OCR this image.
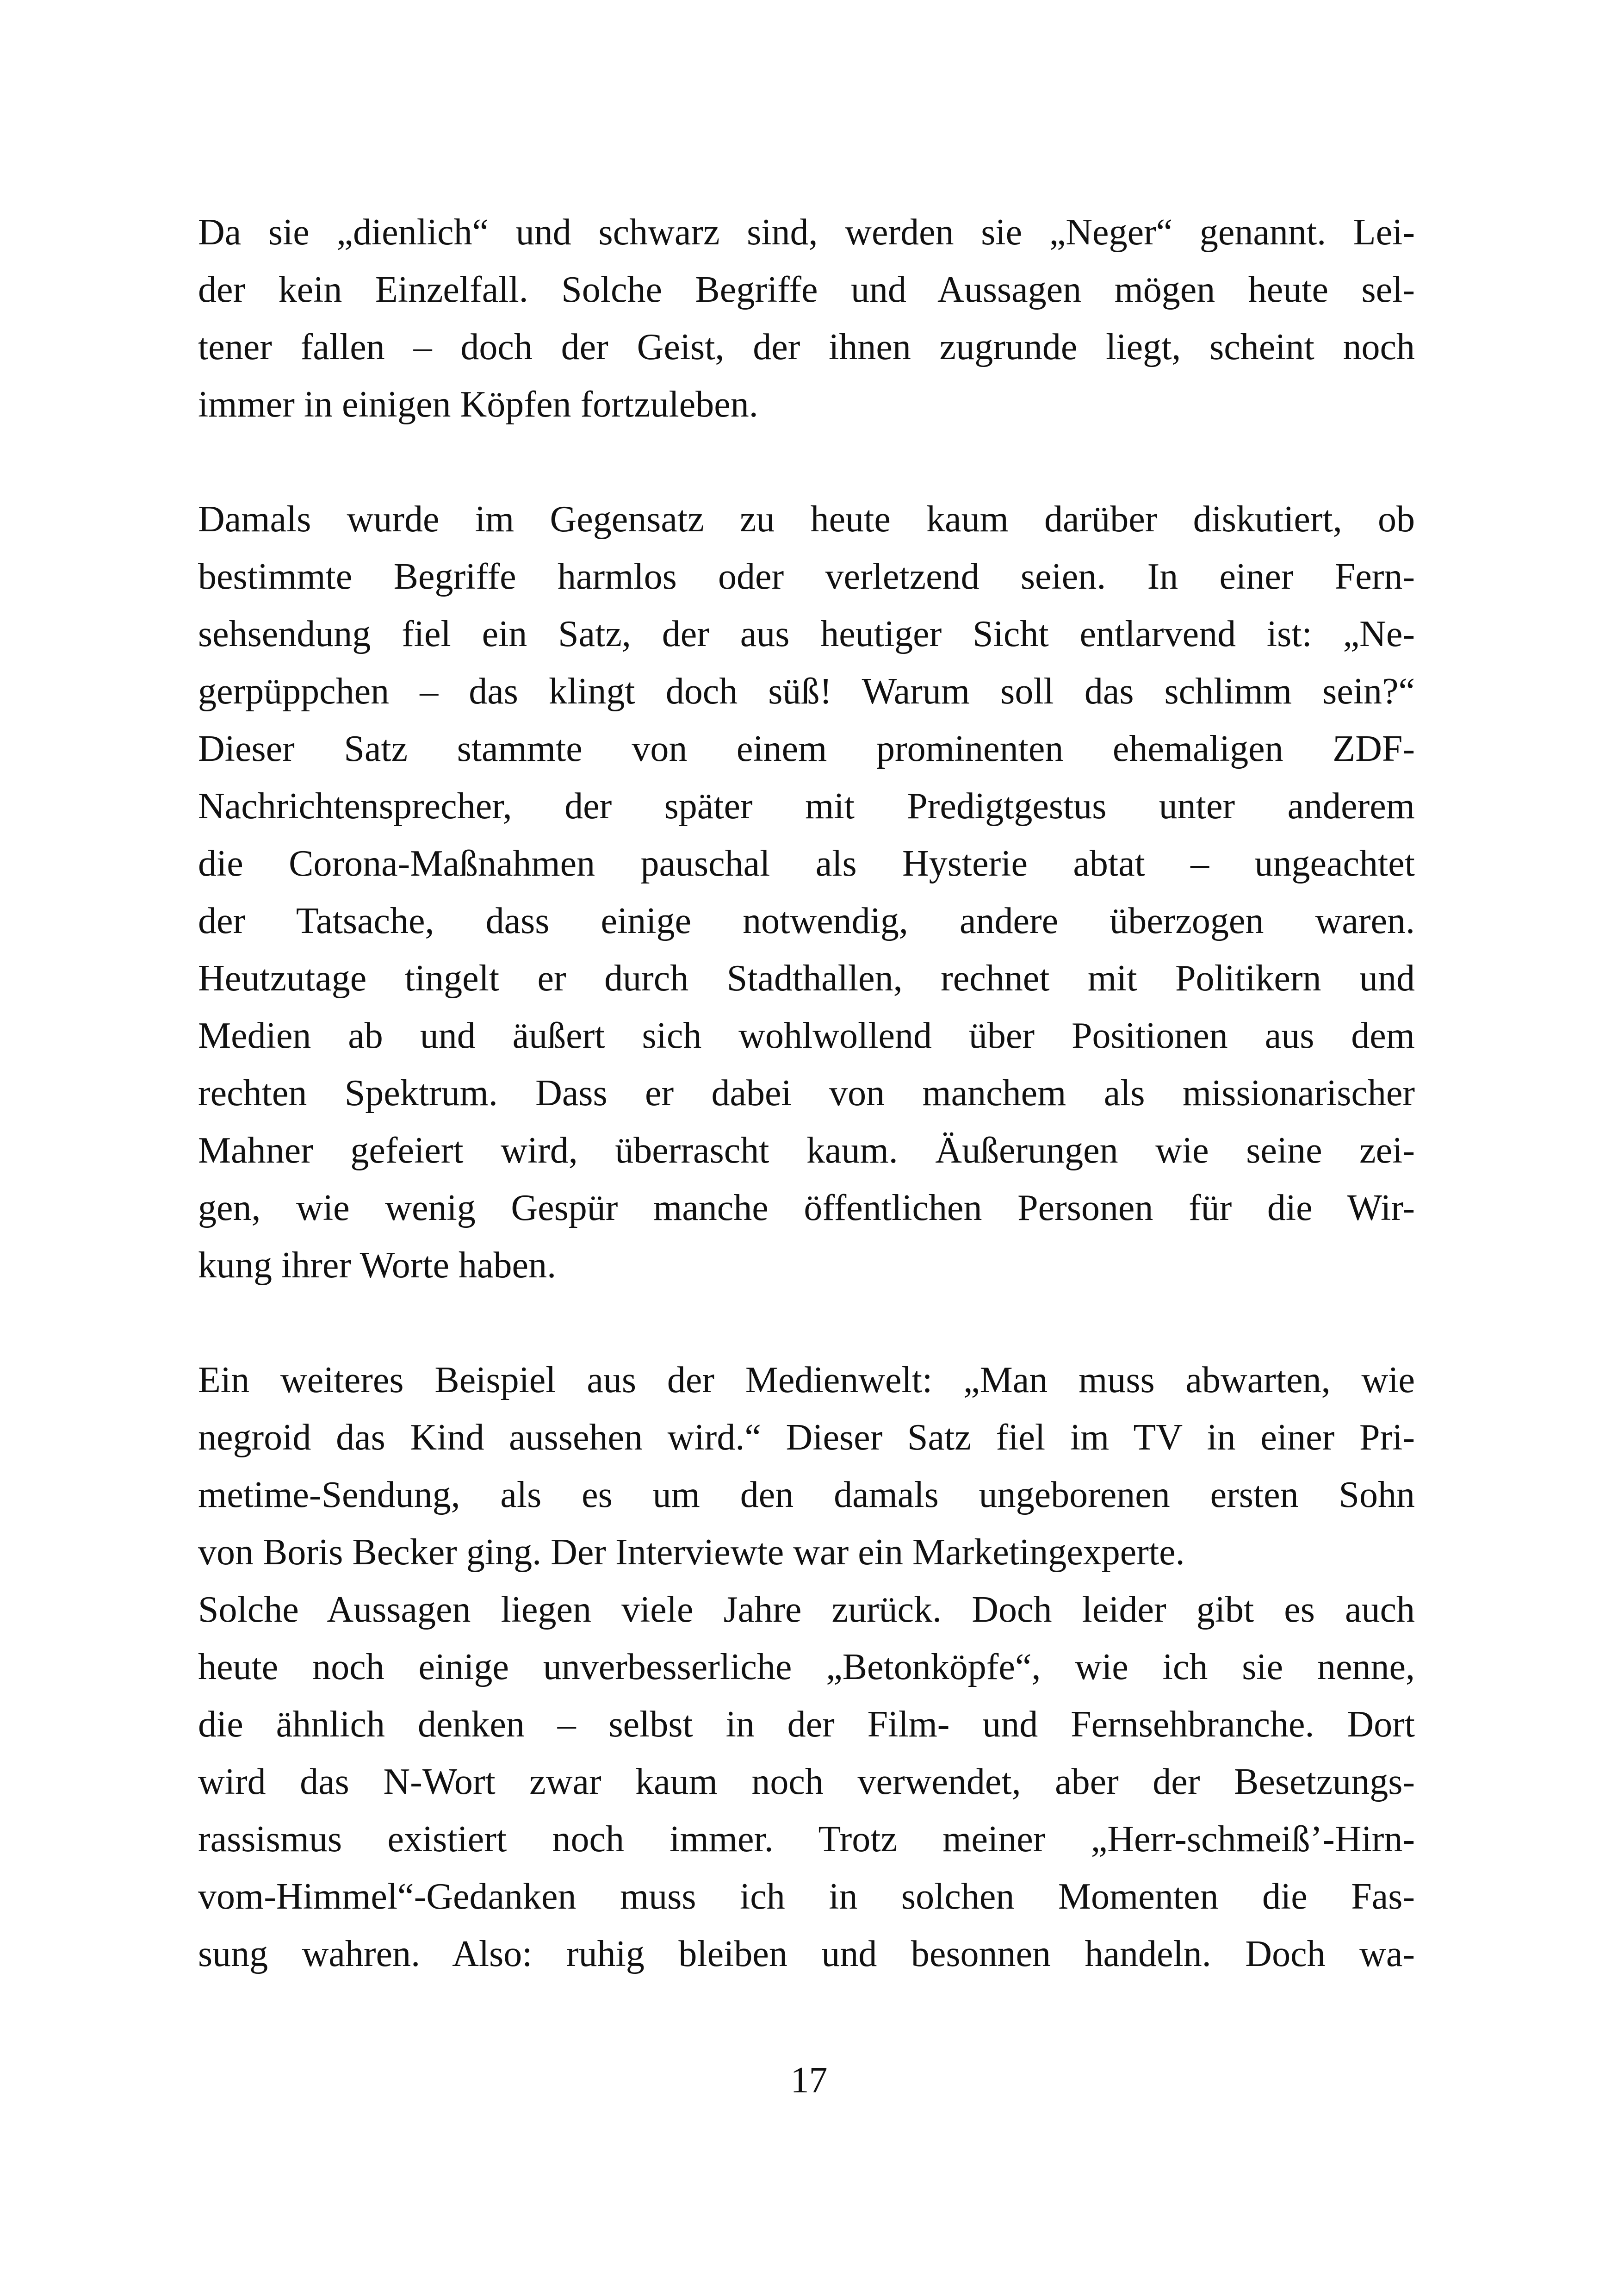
Da sie „dienlich“ und schwarz sind, werden sie „Neger“ genannt. Lei-
der kein Einzelfall. Solche Begriffe und Aussagen mögen heute sel-
tener fallen – doch der Geist, der ihnen zugrunde liegt, scheint noch
immer in einigen Köpfen fortzuleben.
Damals wurde im Gegensatz zu heute kaum darüber diskutiert, ob
bestimmte Begriffe harmlos oder verletzend seien. In einer Fern-
sehsendung fiel ein Satz, der aus heutiger Sicht entlarvend ist: „Ne-
gerpüppchen – das klingt doch süß! Warum soll das schlimm sein?“
Dieser Satz stammte von einem prominenten ehemaligen ZDF-
Nachrichtensprecher, der später mit Predigtgestus unter anderem
die Corona-Maßnahmen pauschal als Hysterie abtat – ungeachtet
der Tatsache, dass einige notwendig, andere überzogen waren.
Heutzutage tingelt er durch Stadthallen, rechnet mit Politikern und
Medien ab und äußert sich wohlwollend über Positionen aus dem
rechten Spektrum. Dass er dabei von manchem als missionarischer
Mahner gefeiert wird, überrascht kaum. Äußerungen wie seine zei-
gen, wie wenig Gespür manche öffentlichen Personen für die Wir-
kung ihrer Worte haben.
Ein weiteres Beispiel aus der Medienwelt: „Man muss abwarten, wie
negroid das Kind aussehen wird.“ Dieser Satz fiel im TV in einer Pri-
metime-Sendung, als es um den damals ungeborenen ersten Sohn
von Boris Becker ging. Der Interviewte war ein Marketingexperte.
Solche Aussagen liegen viele Jahre zurück. Doch leider gibt es auch
heute noch einige unverbesserliche „Betonköpfe“, wie ich sie nenne,
die ähnlich denken – selbst in der Film- und Fernsehbranche. Dort
wird das N-Wort zwar kaum noch verwendet, aber der Besetzungs-
rassismus existiert noch immer. Trotz meiner „Herr-schmeiß’-Hirn-
vom-Himmel“-Gedanken muss ich in solchen Momenten die Fas-
sung wahren. Also: ruhig bleiben und besonnen handeln. Doch wa-
17
